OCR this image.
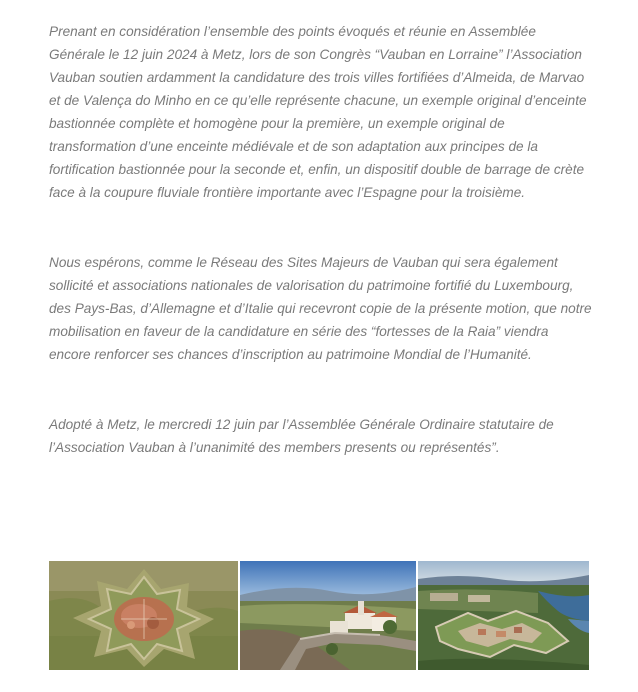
Prenant en considération l’ensemble des points évoqués et réunie en Assemblée Générale le 12 juin 2024 à Metz, lors de son Congrès “Vauban en Lorraine” l’Association Vauban soutien ardamment la candidature des trois villes fortifiées d’Almeida, de Marvao et de Valença do Minho en ce qu’elle représente chacune, un exemple original d’enceinte bastionnée complète et homogène pour la première, un exemple original de transformation d’une enceinte médiévale et de son adaptation aux principes de la fortification bastionnée pour la seconde et, enfin, un dispositif double de barrage de crète face à la coupure fluviale frontière importante avec l’Espagne pour la troisième.

Nous espérons, comme le Réseau des Sites Majeurs de Vauban qui sera également sollicité et associations nationales de valorisation du patrimoine fortifié du Luxembourg, des Pays-Bas, d’Allemagne et d’Italie qui recevront copie de la présente motion, que notre mobilisation en faveur de la candidature en série des “fortesses de la Raia” viendra encore renforcer ses chances d’inscription au patrimoine Mondial de l’Humanité.

Adopté à Metz, le mercredi 12 juin par l’Assemblée Générale Ordinaire statutaire de l’Association Vauban à l’unanimité des members presents ou représentés”.
